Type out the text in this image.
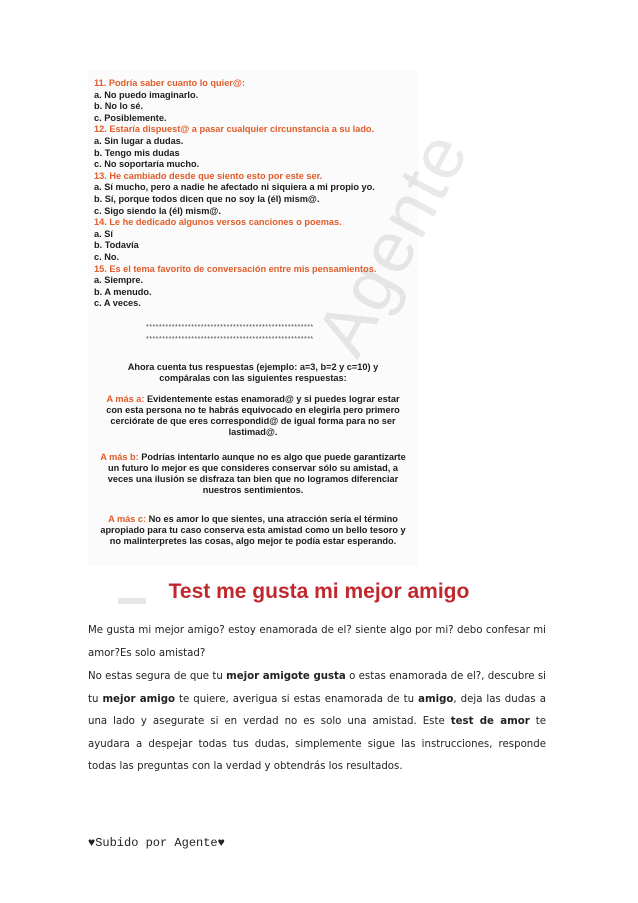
11. Podría saber cuanto lo quier@:
a. No puedo imaginarlo.
b. No lo sé.
c. Posiblemente.
12. Estaría dispuest@ a pasar cualquier circunstancia a su lado.
a. Sin lugar a dudas.
b. Tengo mis dudas
c. No soportaría mucho.
13. He cambiado desde que siento esto por este ser.
a. Sí mucho, pero a nadie he afectado ni siquiera a mi propio yo.
b. Sí, porque todos dicen que no soy la (él) mism@.
c. Sigo siendo la (él) mism@.
14. Le he dedicado algunos versos canciones o poemas.
a. Sí
b. Todavía
c. No.
15. Es el tema favorito de conversación entre mis pensamientos.
a. Siempre.
b. A menudo.
c. A veces.
****************************************************
****************************************************
Ahora cuenta tus respuestas (ejemplo: a=3, b=2 y c=10) y compáralas con las siguientes respuestas:
A más a: Evidentemente estas enamorad@ y si puedes lograr estar con esta persona no te habrás equivocado en elegirla pero primero cerciórate de que eres correspondid@ de igual forma para no ser lastimad@.
A más b: Podrías intentarlo aunque no es algo que puede garantizarte un futuro lo mejor es que consideres conservar sólo su amistad, a veces una ilusión se disfraza tan bien que no logramos diferenciar nuestros sentimientos.
A más c: No es amor lo que sientes, una atracción sería el término apropiado para tu caso conserva esta amistad como un bello tesoro y no malinterpretes las cosas, algo mejor te podía estar esperando.
Agente
Test me gusta mi mejor amigo
Me gusta mi mejor amigo? estoy enamorada de el? siente algo por mi? debo confesar mi amor?Es solo amistad?
No estas segura de que tu mejor amigote gusta o estas enamorada de el?, descubre si tu mejor amigo te quiere, averigua si estas enamorada de tu amigo, deja las dudas a una lado y asegurate si en verdad no es solo una amistad. Este test de amor te ayudara a despejar todas tus dudas, simplemente sigue las instrucciones, responde todas las preguntas con la verdad y obtendrás los resultados.
♥Subido por Agente♥
